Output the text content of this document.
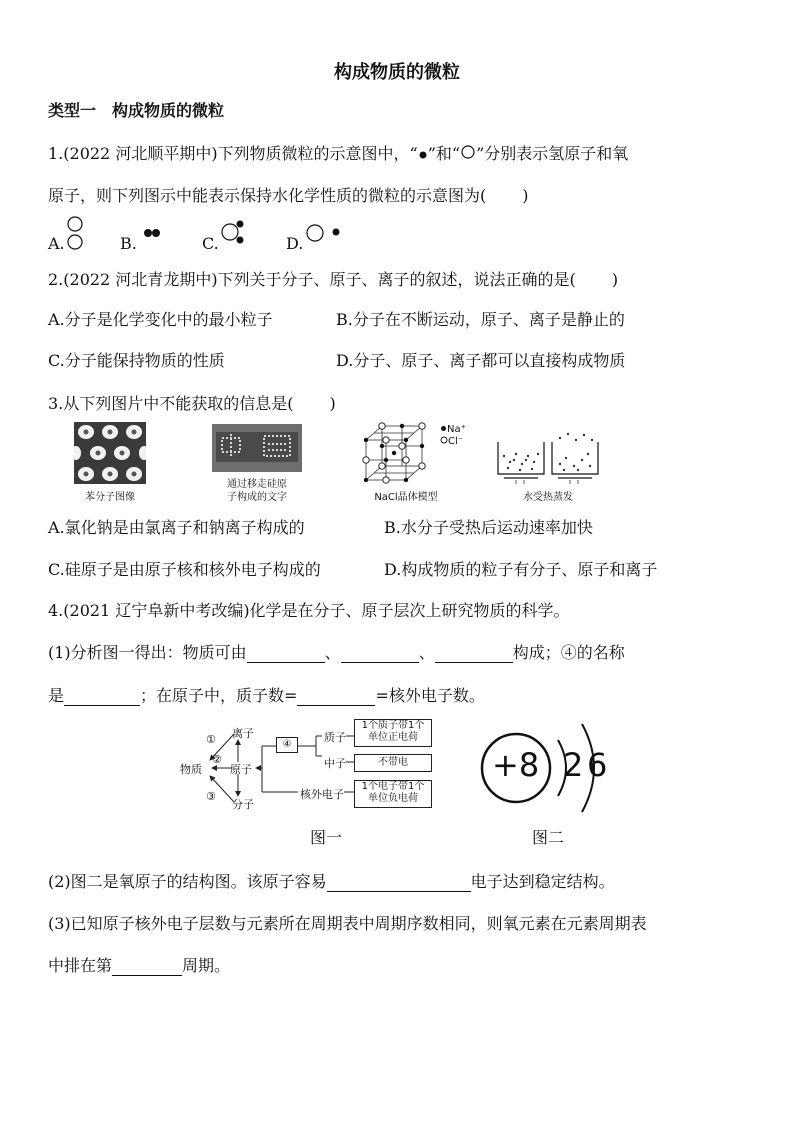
构成物质的微粒
类型一　构成物质的微粒
1.(2022 河北顺平期中)下列物质微粒的示意图中，“ ”和“ ”分别表示氢原子和氧
原子，则下列图示中能表示保持水化学性质的微粒的示意图为( )
A.	B.	C.	D.
2.(2022 河北青龙期中)下列关于分子、原子、离子的叙述，说法正确的是( )
A.分子是化学变化中的最小粒子	B.分子在不断运动，原子、离子是静止的
C.分子能保持物质的性质	D.分子、原子、离子都可以直接构成物质
3.从下列图片中不能获取的信息是( )
苯分子图像
通过移走硅原
子构成的文字
Na⁺
Cl⁻
NaCl晶体模型	水受热蒸发
A.氯化钠是由氯离子和钠离子构成的	B.水分子受热后运动速率加快
C.硅原子是由原子核和核外电子构成的	D.构成物质的粒子有分子、原子和离子
4.(2021 辽宁阜新中考改编)化学是在分子、原子层次上研究物质的科学。
(1)分析图一得出：物质可由	、	、	构成；④的名称
是	；在原子中，质子数=	=核外电子数。
物质
离子
原子
分子
①
②
③
④
质子
中子
核外电子
1个质子带1个
单位正电荷
不带电
1个电子带1个
单位负电荷
图一
+8 2 6
图二
(2)图二是氧原子的结构图。该原子容易	电子达到稳定结构。
(3)已知原子核外电子层数与元素所在周期表中周期序数相同，则氧元素在元素周期表
中排在第	周期。
